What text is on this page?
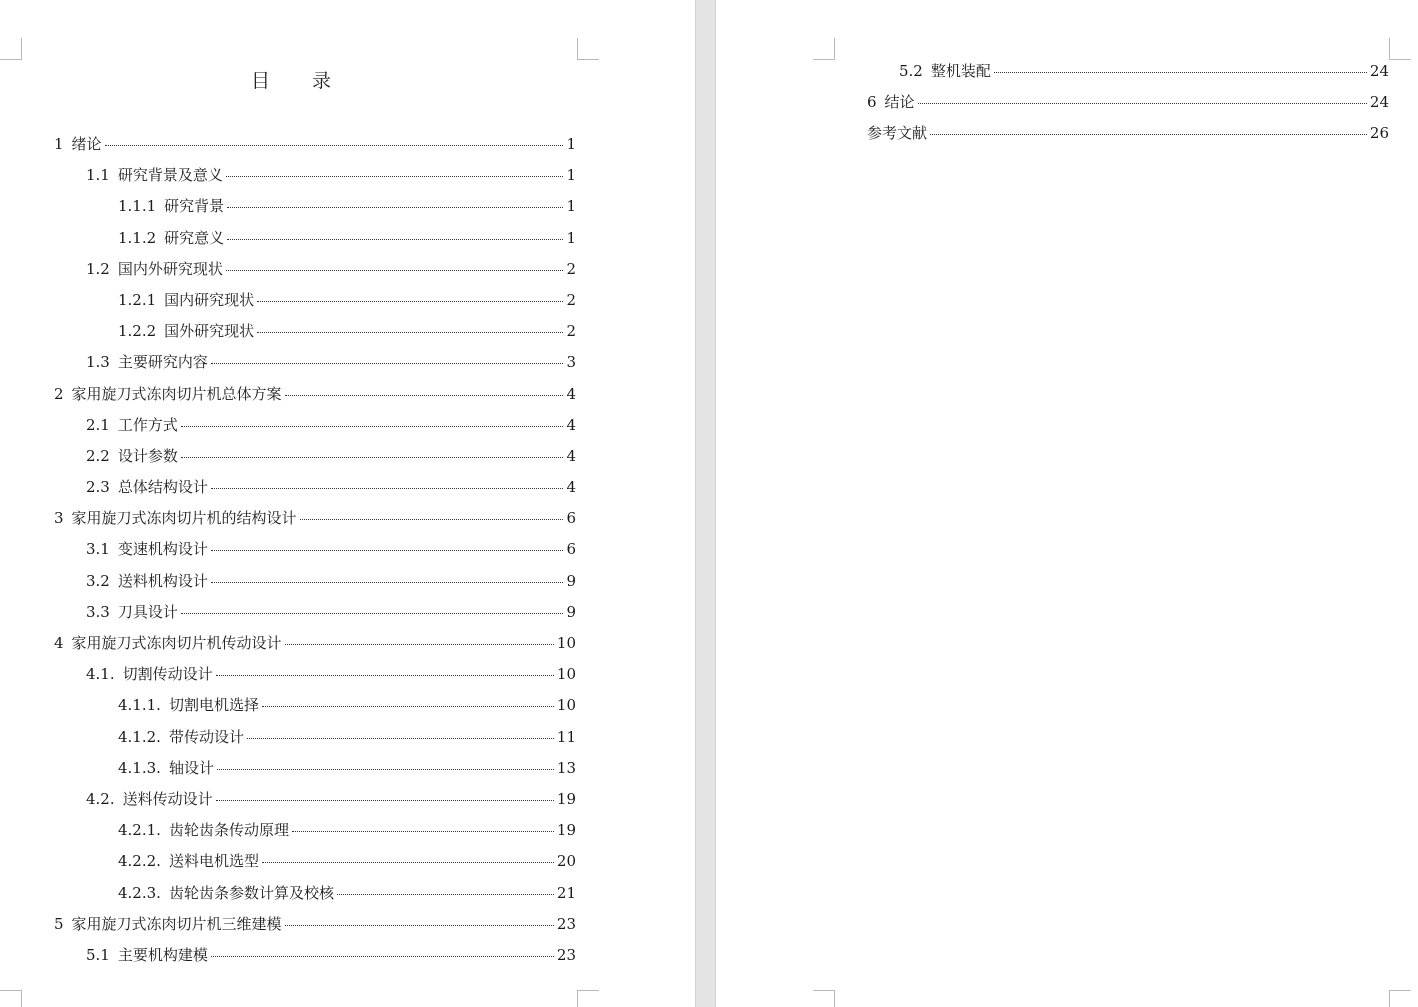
目 录
1 绪论	1
1.1 研究背景及意义	1
1.1.1 研究背景	1
1.1.2 研究意义	1
1.2 国内外研究现状	2
1.2.1 国内研究现状	2
1.2.2 国外研究现状	2
1.3 主要研究内容	3
2 家用旋刀式冻肉切片机总体方案	4
2.1 工作方式	4
2.2 设计参数	4
2.3 总体结构设计	4
3 家用旋刀式冻肉切片机的结构设计	6
3.1 变速机构设计	6
3.2 送料机构设计	9
3.3 刀具设计	9
4 家用旋刀式冻肉切片机传动设计	10
4.1. 切割传动设计	10
4.1.1. 切割电机选择	10
4.1.2. 带传动设计	11
4.1.3. 轴设计	13
4.2. 送料传动设计	19
4.2.1. 齿轮齿条传动原理	19
4.2.2. 送料电机选型	20
4.2.3. 齿轮齿条参数计算及校核	21
5 家用旋刀式冻肉切片机三维建模	23
5.1 主要机构建模	23
5.2 整机装配	24
6 结论	24
参考文献	26
